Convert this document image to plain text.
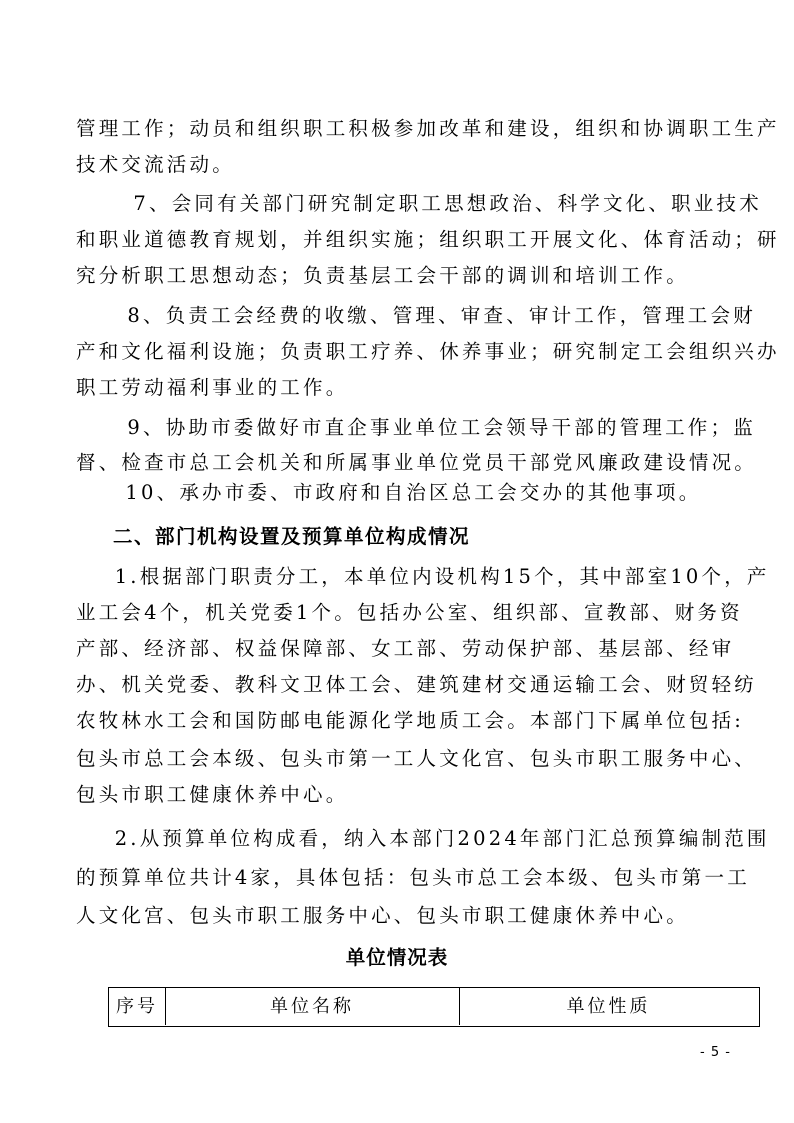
管理工作；动员和组织职工积极参加改革和建设，组织和协调职工生产
技术交流活动。
　　7、会同有关部门研究制定职工思想政治、科学文化、职业技术
和职业道德教育规划，并组织实施；组织职工开展文化、体育活动；研
究分析职工思想动态；负责基层工会干部的调训和培训工作。
　　8、负责工会经费的收缴、管理、审查、审计工作，管理工会财
产和文化福利设施；负责职工疗养、休养事业；研究制定工会组织兴办
职工劳动福利事业的工作。
　　9、协助市委做好市直企事业单位工会领导干部的管理工作；监
督、检查市总工会机关和所属事业单位党员干部党风廉政建设情况。
　　10、承办市委、市政府和自治区总工会交办的其他事项。
二、部门机构设置及预算单位构成情况
　1.根据部门职责分工，本单位内设机构15个，其中部室10个，产
业工会4个，机关党委1个。包括办公室、组织部、宣教部、财务资
产部、经济部、权益保障部、女工部、劳动保护部、基层部、经审
办、机关党委、教科文卫体工会、建筑建材交通运输工会、财贸轻纺
农牧林水工会和国防邮电能源化学地质工会。本部门下属单位包括:
包头市总工会本级、包头市第一工人文化宫、包头市职工服务中心、
包头市职工健康休养中心。
　2.从预算单位构成看，纳入本部门2024年部门汇总预算编制范围
的预算单位共计4家，具体包括：包头市总工会本级、包头市第一工
人文化宫、包头市职工服务中心、包头市职工健康休养中心。
单位情况表
序号	单位名称	单位性质
- 5 -
